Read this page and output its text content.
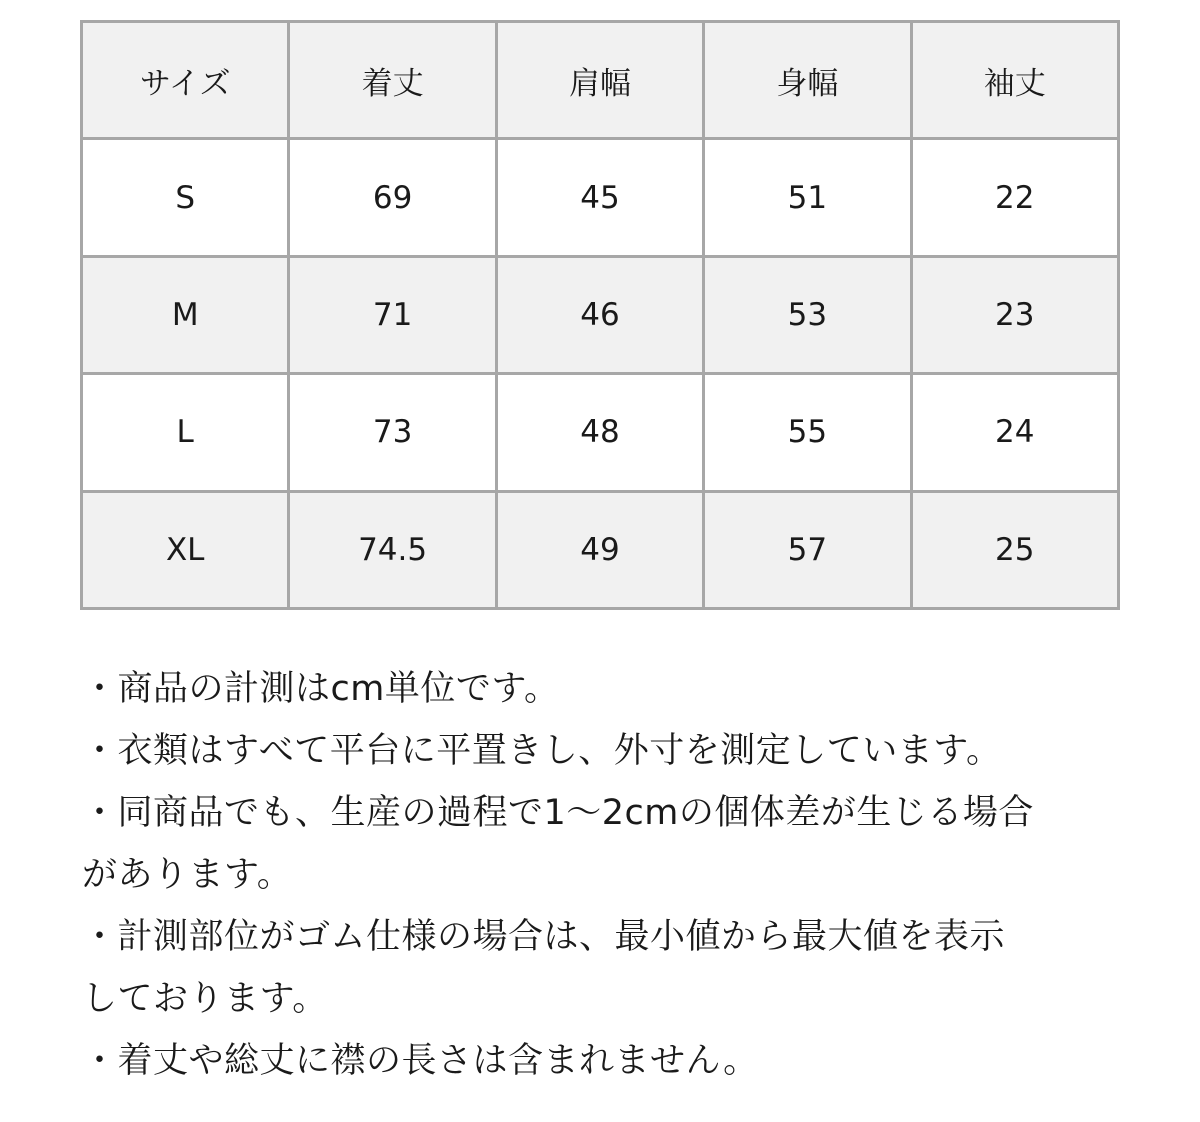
サイズ	着丈	肩幅	身幅	袖丈
S	69	45	51	22
M	71	46	53	23
L	73	48	55	24
XL	74.5	49	57	25

・商品の計測はcm単位です。

・衣類はすべて平台に平置きし、外寸を測定しています。

・同商品でも、生産の過程で1〜2cmの個体差が生じる場合
があります。

・計測部位がゴム仕様の場合は、最小値から最大値を表示
しております。

・着丈や総丈に襟の長さは含まれません。
